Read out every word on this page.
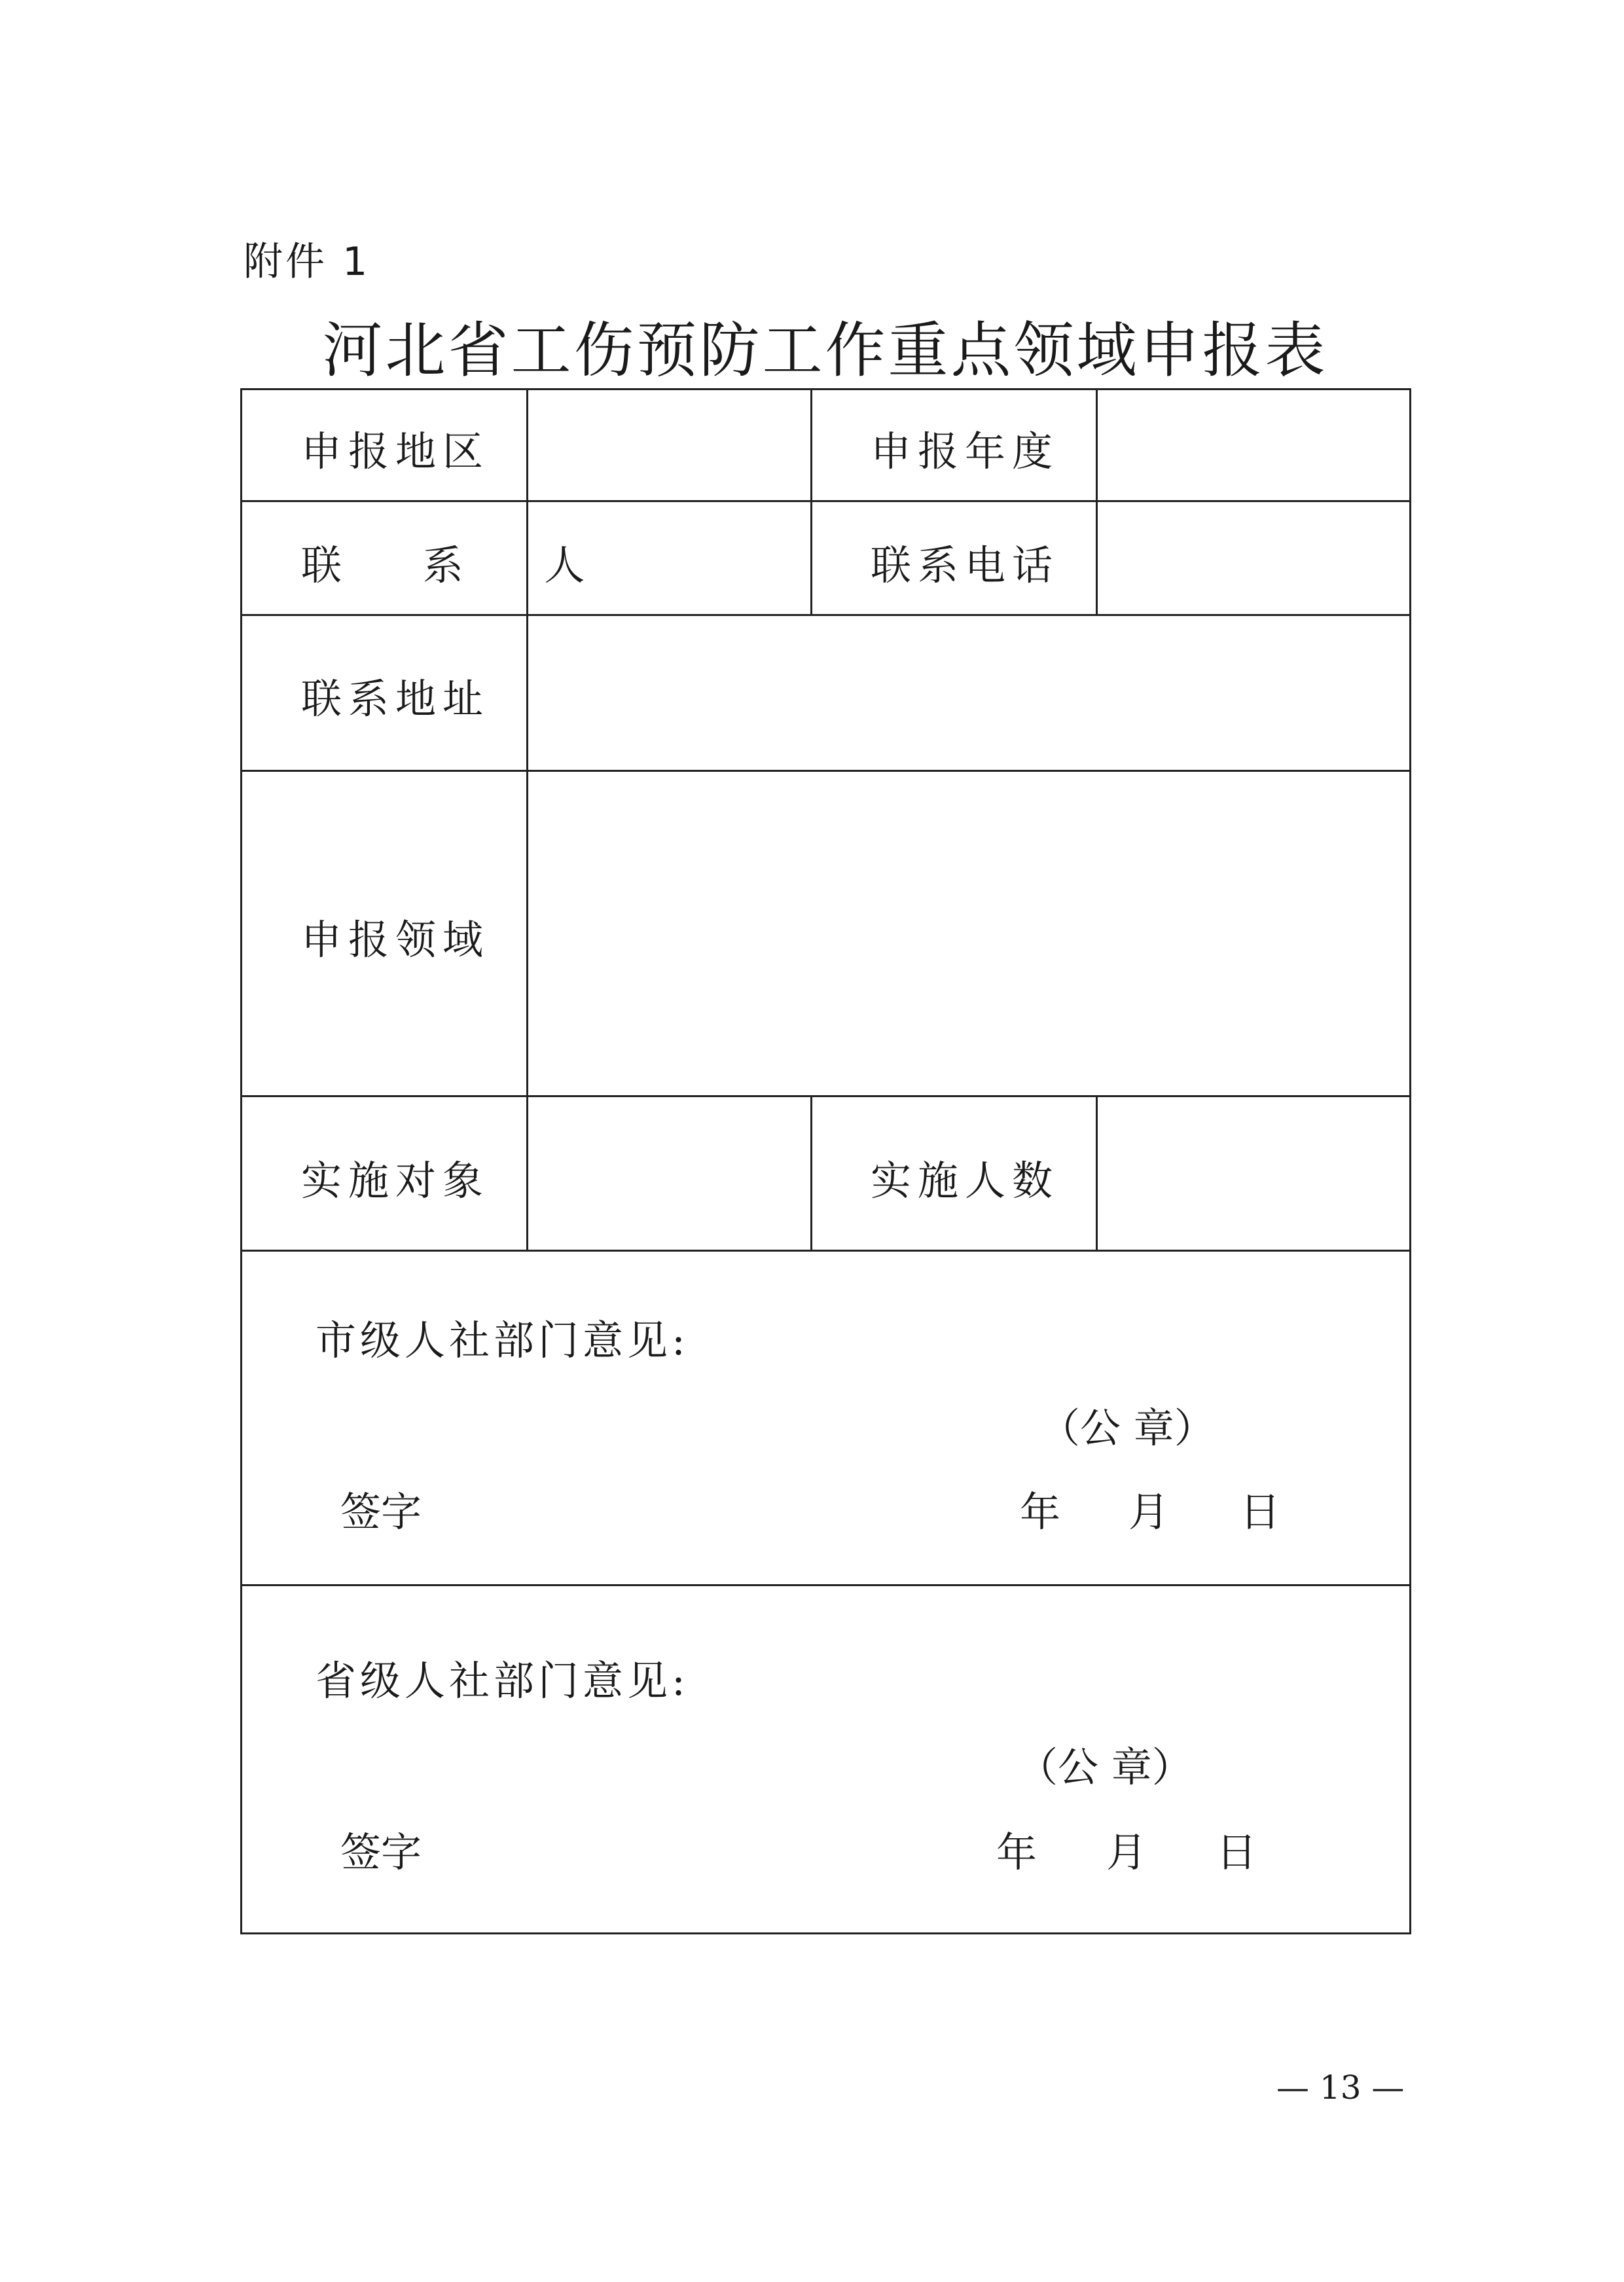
附件 1
河北省工伤预防工作重点领域申报表
申报地区	申报年度
联 系 人	联系电话
联系地址
申报领域
实施对象	实施人数
市级人社部门意见:
（公 章）
签字	年 月 日
省级人社部门意见:
（公 章）
签字	年 月 日
— 13 —
